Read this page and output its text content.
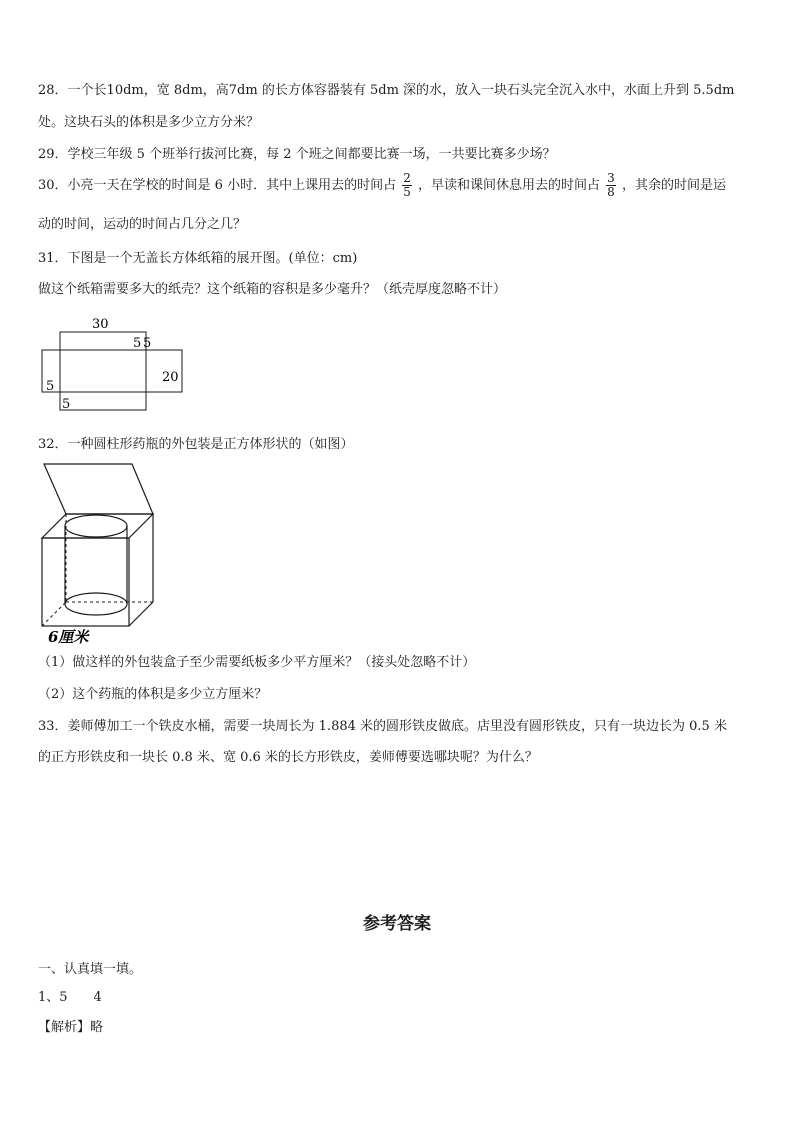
28．一个长10dm，宽 8dm，高7dm 的长方体容器装有 5dm 深的水，放入一块石头完全沉入水中，水面上升到 5.5dm
处。这块石头的体积是多少立方分米？
29．学校三年级 5 个班举行拔河比赛，每 2 个班之间都要比赛一场，一共要比赛多少场？
30．小亮一天在学校的时间是 6 小时．其中上课用去的时间占 $\frac{2}{5}$ ，早读和课间休息用去的时间占 $\frac{3}{8}$ ，其余的时间是运
动的时间，运动的时间占几分之几？
31．下图是一个无盖长方体纸箱的展开图。(单位：cm)
做这个纸箱需要多大的纸壳？这个纸箱的容积是多少毫升？（纸壳厚度忽略不计）
30
5 5
20
5
5
32．一种圆柱形药瓶的外包装是正方体形状的（如图）
6厘米
（1）做这样的外包装盒子至少需要纸板多少平方厘米？（接头处忽略不计）
（2）这个药瓶的体积是多少立方厘米？
33．姜师傅加工一个铁皮水桶，需要一块周长为 1.884 米的圆形铁皮做底。店里没有圆形铁皮，只有一块边长为 0.5 米
的正方形铁皮和一块长 0.8 米、宽 0.6 米的长方形铁皮，姜师傅要选哪块呢？为什么？
参考答案
一、认真填一填。
1、5　　4
【解析】略
